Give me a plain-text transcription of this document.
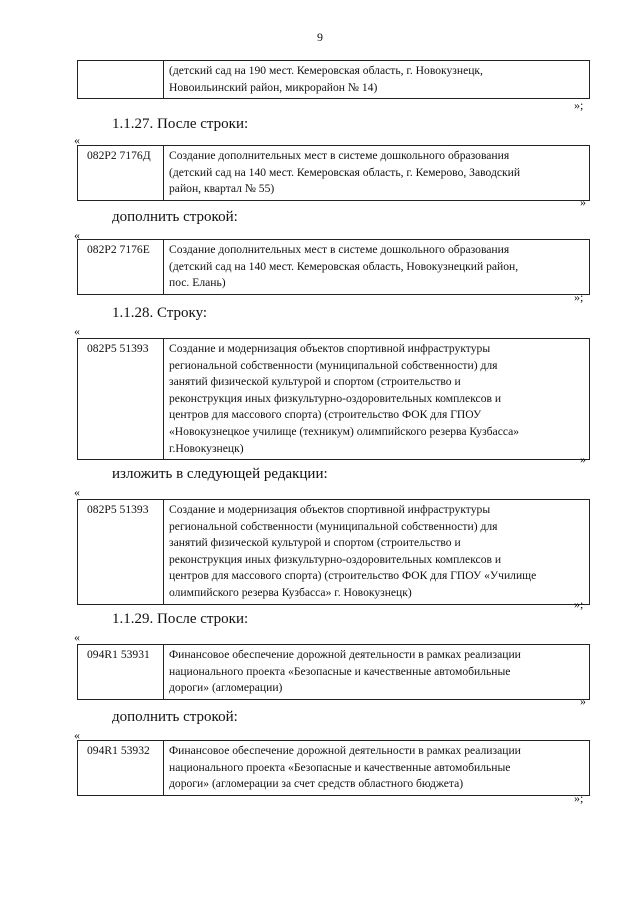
9
(детский сад на 190 мест. Кемеровская область, г. Новокузнецк,
Новоильинский район, микрорайон № 14)
»;
1.1.27. После строки:
«
082P2 7176Д	Создание дополнительных мест в системе дошкольного образования
(детский сад на 140 мест. Кемеровская область, г. Кемерово, Заводский
район, квартал № 55)
»
дополнить строкой:
«
082P2 7176Е	Создание дополнительных мест в системе дошкольного образования
(детский сад на 140 мест. Кемеровская область, Новокузнецкий район,
пос. Елань)
»;
1.1.28. Строку:
«
082P5 51393	Создание и модернизация объектов спортивной инфраструктуры
региональной собственности (муниципальной собственности) для
занятий физической культурой и спортом (строительство и
реконструкция иных физкультурно-оздоровительных комплексов и
центров для массового спорта) (строительство ФОК для ГПОУ
«Новокузнецкое училище (техникум) олимпийского резерва Кузбасса»
г.Новокузнецк)
»
изложить в следующей редакции:
«
082P5 51393	Создание и модернизация объектов спортивной инфраструктуры
региональной собственности (муниципальной собственности) для
занятий физической культурой и спортом (строительство и
реконструкция иных физкультурно-оздоровительных комплексов и
центров для массового спорта) (строительство ФОК для ГПОУ «Училище
олимпийского резерва Кузбасса» г. Новокузнецк)
»;
1.1.29. После строки:
«
094R1 53931	Финансовое обеспечение дорожной деятельности в рамках реализации
национального проекта «Безопасные и качественные автомобильные
дороги» (агломерации)
»
дополнить строкой:
«
094R1 53932	Финансовое обеспечение дорожной деятельности в рамках реализации
национального проекта «Безопасные и качественные автомобильные
дороги» (агломерации за счет средств областного бюджета)
»;
